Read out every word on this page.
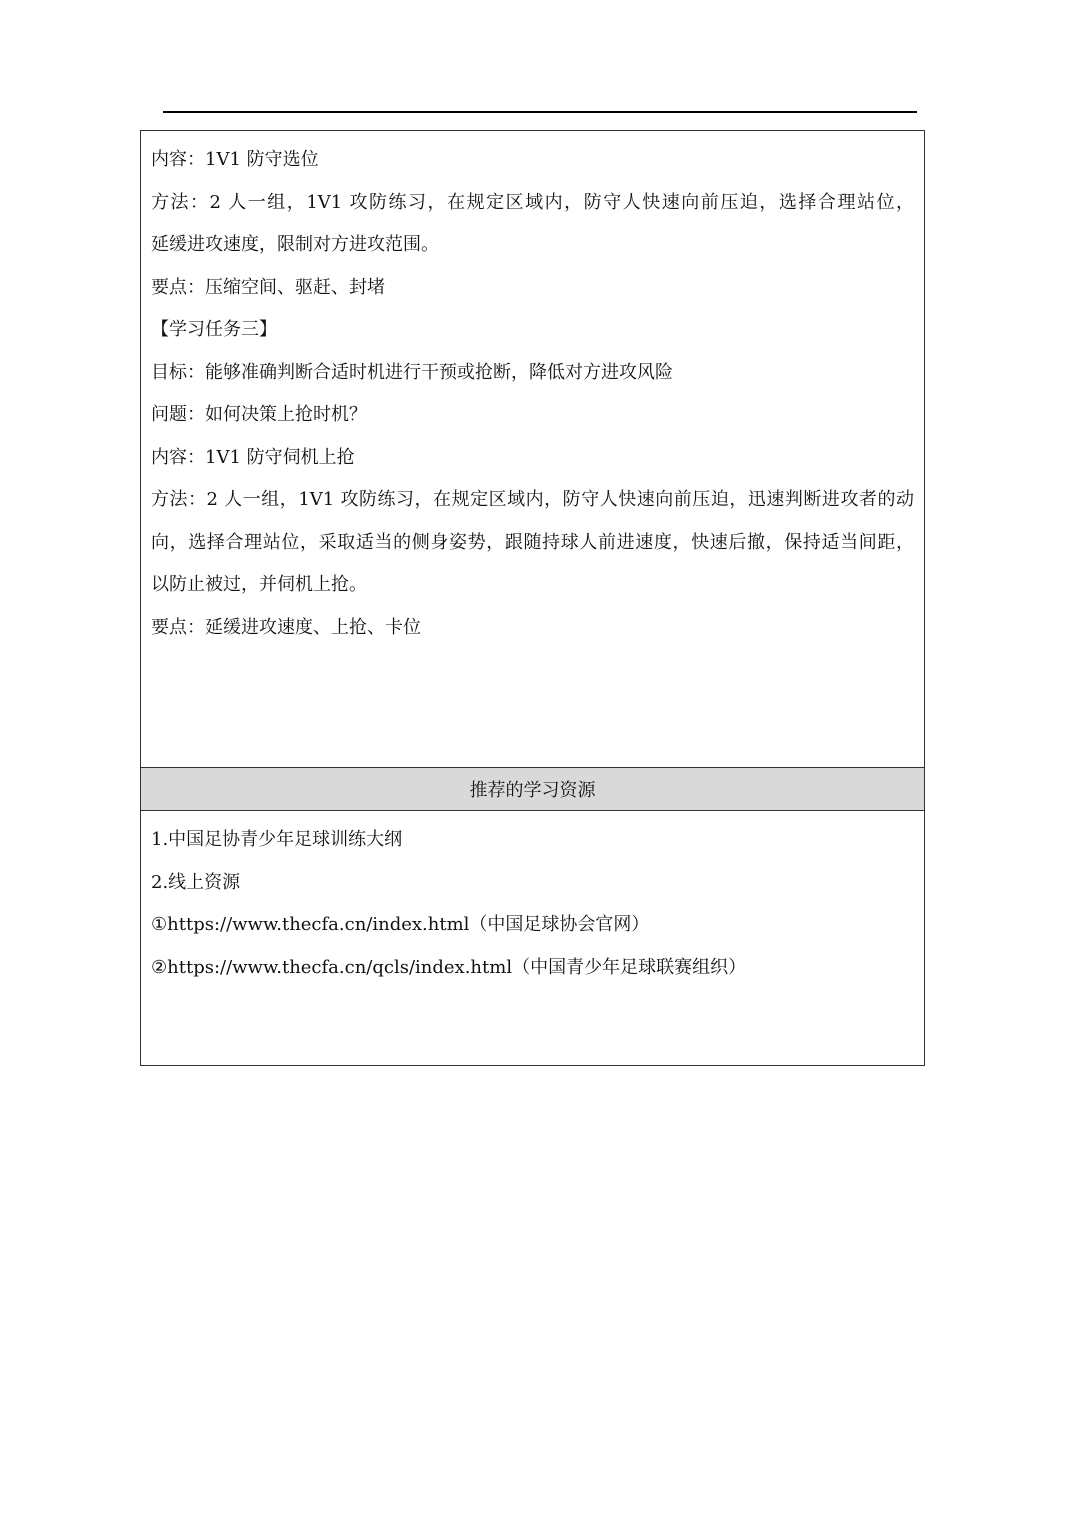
内容：1V1 防守选位
方法：2 人一组，1V1 攻防练习，在规定区域内，防守人快速向前压迫，选择合理站位，
延缓进攻速度，限制对方进攻范围。
要点：压缩空间、驱赶、封堵
【学习任务三】
目标：能够准确判断合适时机进行干预或抢断，降低对方进攻风险
问题：如何决策上抢时机？
内容：1V1 防守伺机上抢
方法：2 人一组，1V1 攻防练习，在规定区域内，防守人快速向前压迫，迅速判断进攻者的动
向，选择合理站位，采取适当的侧身姿势，跟随持球人前进速度，快速后撤，保持适当间距，
以防止被过，并伺机上抢。
要点：延缓进攻速度、上抢、卡位
推荐的学习资源
1.中国足协青少年足球训练大纲
2.线上资源
①https://www.thecfa.cn/index.html（中国足球协会官网）
②https://www.thecfa.cn/qcls/index.html（中国青少年足球联赛组织）
